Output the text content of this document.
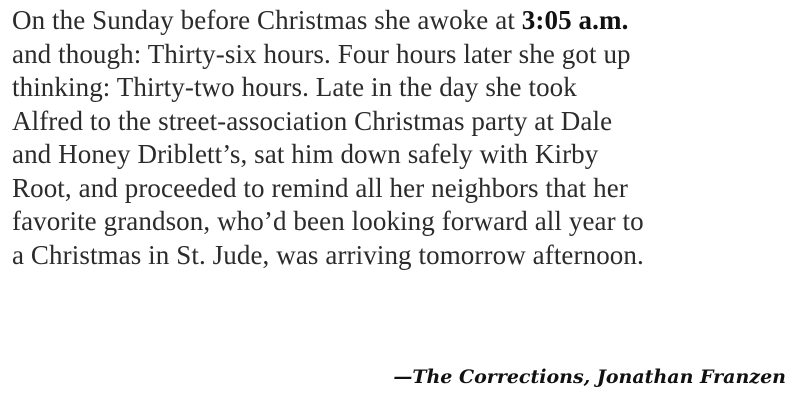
On the Sunday before Christmas she awoke at 3:05 a.m.
and though: Thirty-six hours. Four hours later she got up
thinking: Thirty-two hours. Late in the day she took
Alfred to the street-association Christmas party at Dale
and Honey Driblett’s, sat him down safely with Kirby
Root, and proceeded to remind all her neighbors that her
favorite grandson, who’d been looking forward all year to
a Christmas in St. Jude, was arriving tomorrow afternoon.
—The Corrections, Jonathan Franzen
